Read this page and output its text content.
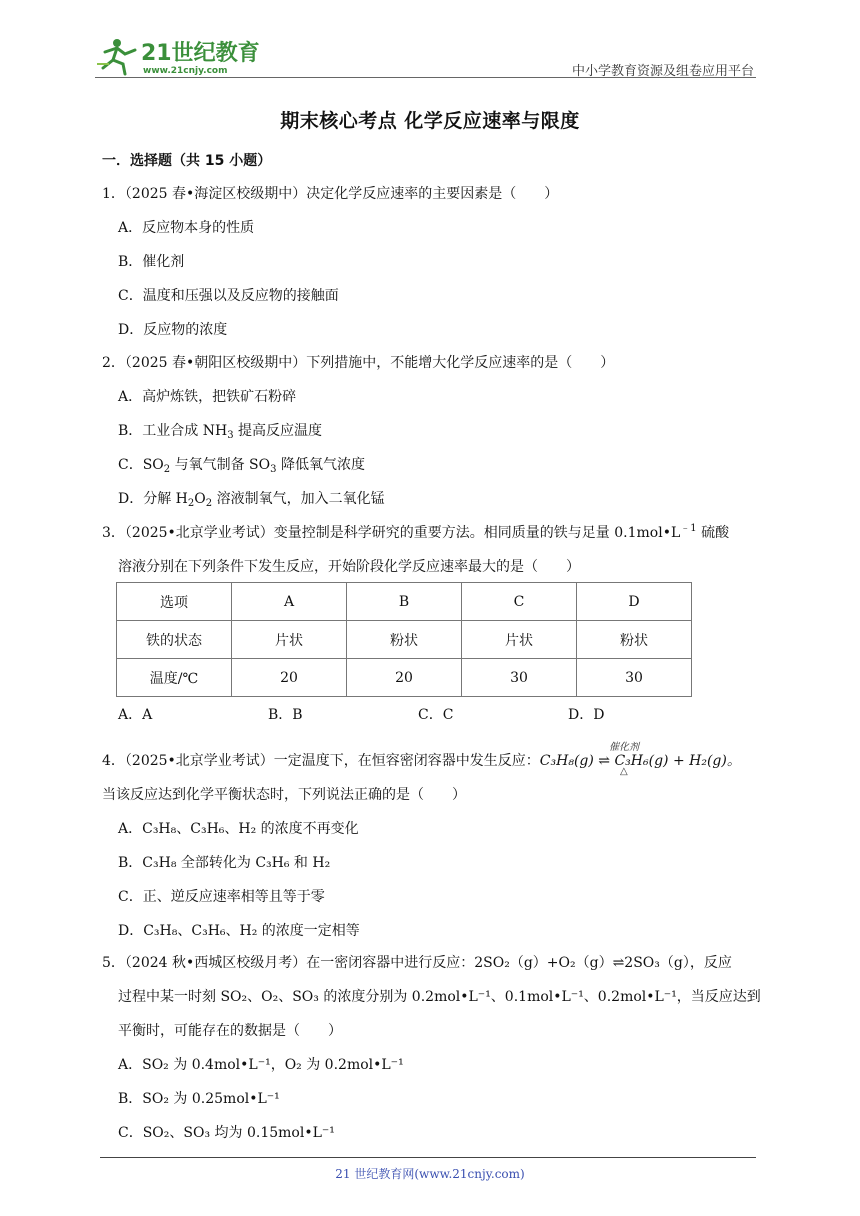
21世纪教育
www.21cnjy.com	中小学教育资源及组卷应用平台
期末核心考点 化学反应速率与限度
一．选择题（共 15 小题）
1．（2025 春•海淀区校级期中）决定化学反应速率的主要因素是（　　）
A．反应物本身的性质
B．催化剂
C．温度和压强以及反应物的接触面
D．反应物的浓度
2．（2025 春•朝阳区校级期中）下列措施中，不能增大化学反应速率的是（　　）
A．高炉炼铁，把铁矿石粉碎
B．工业合成 $NH_3$ 提高反应温度
C．$SO_2$ 与氧气制备 $SO_3$ 降低氧气浓度
D．分解 $H_2O_2$ 溶液制氧气，加入二氧化锰
3．（2025•北京学业考试）变量控制是科学研究的重要方法。相同质量的铁与足量 $0.1mol•L^{﹣1}$ 硫酸
溶液分别在下列条件下发生反应，开始阶段化学反应速率最大的是（　　）
选项	A	B	C	D
铁的状态	片状	粉状	片状	粉状
温度/℃	20	20	30	30
A．A	B．B	C．C	D．D
催化剂
△
4．（2025•北京学业考试）一定温度下，在恒容密闭容器中发生反应：C₃H₈(g) ⇌ C₃H₆(g) + H₂(g)。
当该反应达到化学平衡状态时，下列说法正确的是（　　）
A．C₃H₈、C₃H₆、H₂ 的浓度不再变化
B．C₃H₈ 全部转化为 C₃H₆ 和 H₂
C．正、逆反应速率相等且等于零
D．C₃H₈、C₃H₆、H₂ 的浓度一定相等
5．（2024 秋•西城区校级月考）在一密闭容器中进行反应：2SO₂（g）+O₂（g）⇌2SO₃（g），反应
过程中某一时刻 SO₂、O₂、SO₃ 的浓度分别为 0.2mol•L⁻¹、0.1mol•L⁻¹、0.2mol•L⁻¹，当反应达到
平衡时，可能存在的数据是（　　）
A．SO₂ 为 0.4mol•L⁻¹，O₂ 为 0.2mol•L⁻¹
B．SO₂ 为 0.25mol•L⁻¹
C．SO₂、SO₃ 均为 0.15mol•L⁻¹
21 世纪教育网(www.21cnjy.com)
